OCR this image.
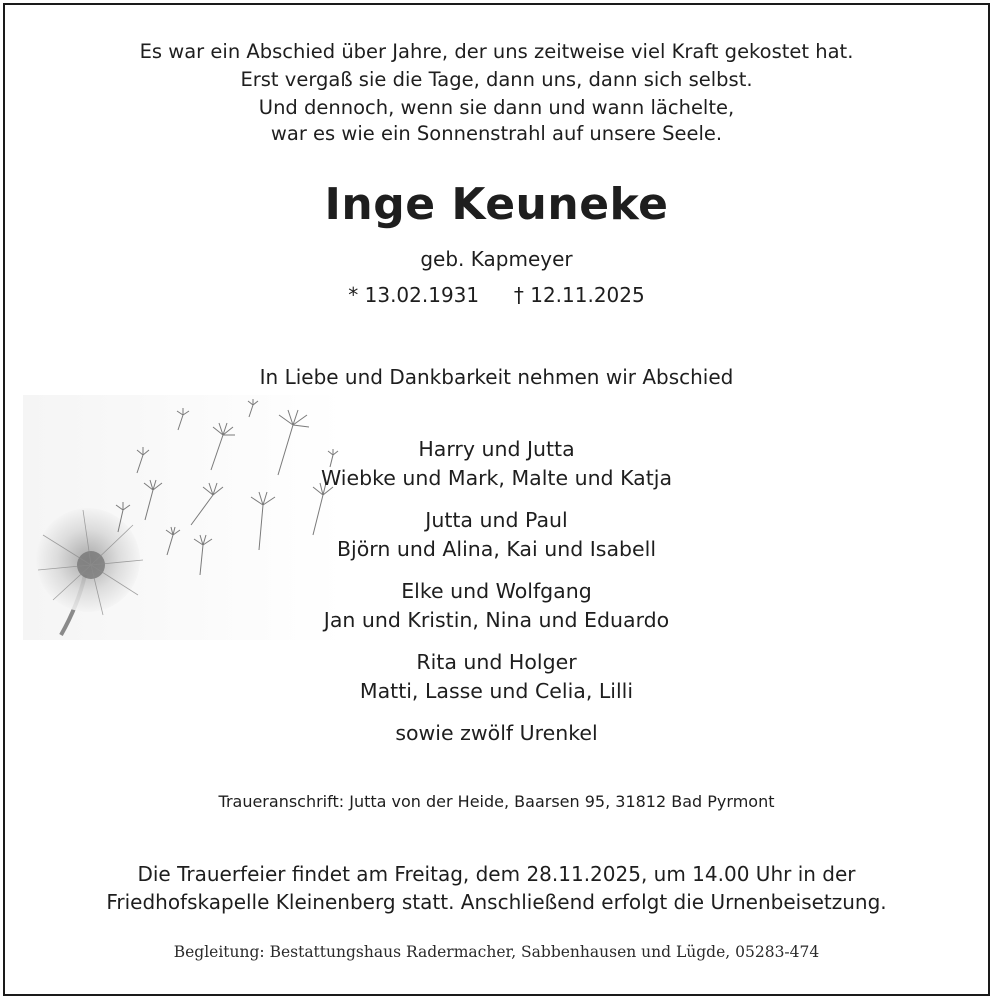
Es war ein Abschied über Jahre, der uns zeitweise viel Kraft gekostet hat.
Erst vergaß sie die Tage, dann uns, dann sich selbst.
Und dennoch, wenn sie dann und wann lächelte,
war es wie ein Sonnenstrahl auf unsere Seele.
Inge Keuneke
geb. Kapmeyer
* 13.02.1931 † 12.11.2025
In Liebe und Dankbarkeit nehmen wir Abschied
Harry und Jutta
Wiebke und Mark, Malte und Katja
Jutta und Paul
Björn und Alina, Kai und Isabell
Elke und Wolfgang
Jan und Kristin, Nina und Eduardo
Rita und Holger
Matti, Lasse und Celia, Lilli
sowie zwölf Urenkel
Traueranschrift: Jutta von der Heide, Baarsen 95, 31812 Bad Pyrmont
Die Trauerfeier findet am Freitag, dem 28.11.2025, um 14.00 Uhr in der
Friedhofskapelle Kleinenberg statt. Anschließend erfolgt die Urnenbeisetzung.
Begleitung: Bestattungshaus Radermacher, Sabbenhausen und Lügde, 05283-474
